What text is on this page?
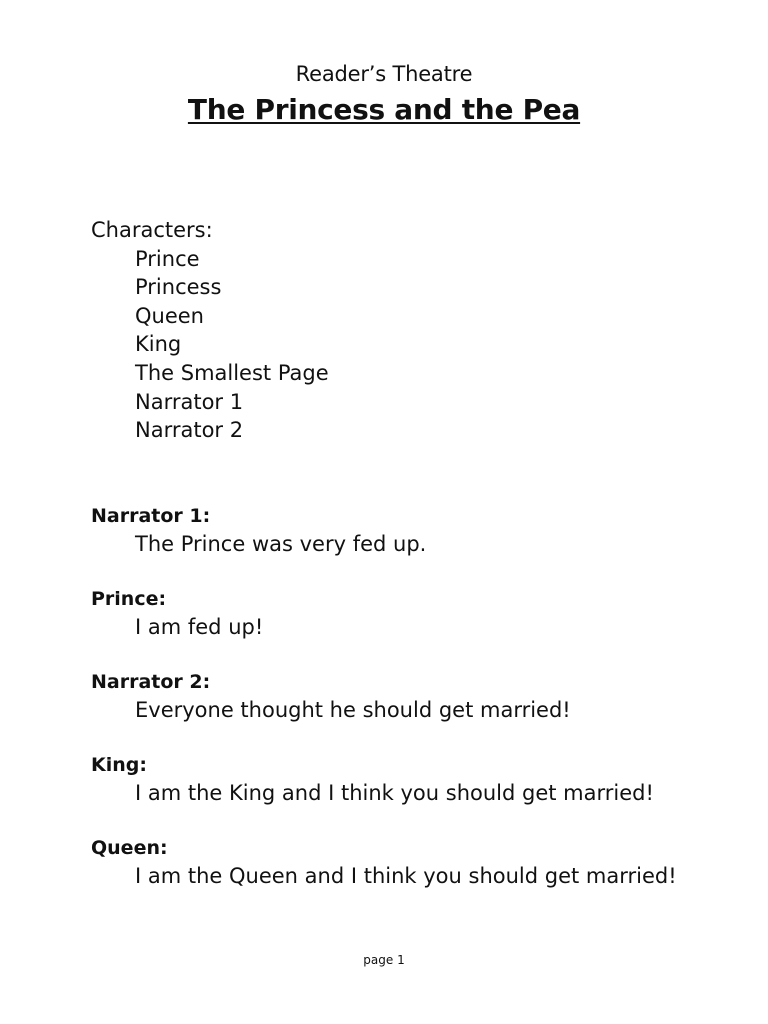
Reader’s Theatre
The Princess and the Pea
Characters:
Prince
Princess
Queen
King
The Smallest Page
Narrator 1
Narrator 2
Narrator 1:
The Prince was very fed up.
Prince:
I am fed up!
Narrator 2:
Everyone thought he should get married!
King:
I am the King and I think you should get married!
Queen:
I am the Queen and I think you should get married!
page 1
